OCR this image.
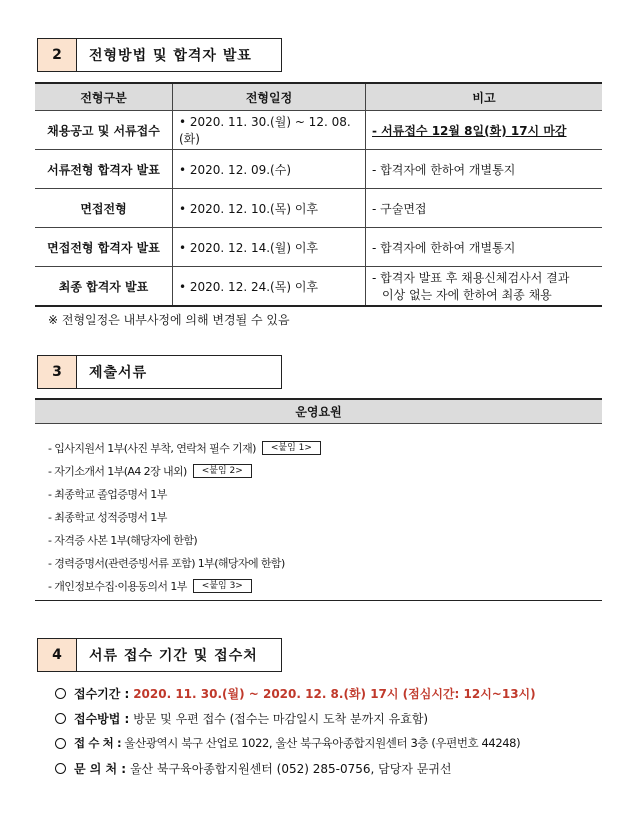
2	전형방법 및 합격자 발표
전형구분	전형일정	비고
채용공고 및 서류접수	• 2020. 11. 30.(월) ~ 12. 08.(화)	- 서류접수 12월 8일(화) 17시 마감
서류전형 합격자 발표	• 2020. 12. 09.(수)	- 합격자에 한하여 개별통지
면접전형	• 2020. 12. 10.(목) 이후	- 구술면접
면접전형 합격자 발표	• 2020. 12. 14.(월) 이후	- 합격자에 한하여 개별통지
최종 합격자 발표	• 2020. 12. 24.(목) 이후	- 합격자 발표 후 채용신체검사서 결과
이상 없는 자에 한하여 최종 채용
※ 전형일정은 내부사정에 의해 변경될 수 있음
3	제출서류
운영요원
- 입사지원서 1부(사진 부착, 연락처 필수 기재)	<붙임 1>
- 자기소개서 1부(A4 2장 내외)	<붙임 2>
- 최종학교 졸업증명서 1부
- 최종학교 성적증명서 1부
- 자격증 사본 1부(해당자에 한함)
- 경력증명서(관련증빙서류 포함) 1부(해당자에 한함)
- 개인정보수집·이용동의서 1부	<붙임 3>
4	서류 접수 기간 및 접수처
접수기간 :
2020. 11. 30.(월) ~ 2020. 12. 8.(화) 17시 (점심시간: 12시~13시)
접수방법 :
방문 및 우편 접수 (접수는 마감일시 도착 분까지 유효함)
접 수 처 :
울산광역시 북구 산업로 1022, 울산 북구육아종합지원센터 3층 (우편번호 44248)
문 의 처 :
울산 북구육아종합지원센터 (052) 285-0756, 담당자 문귀선
